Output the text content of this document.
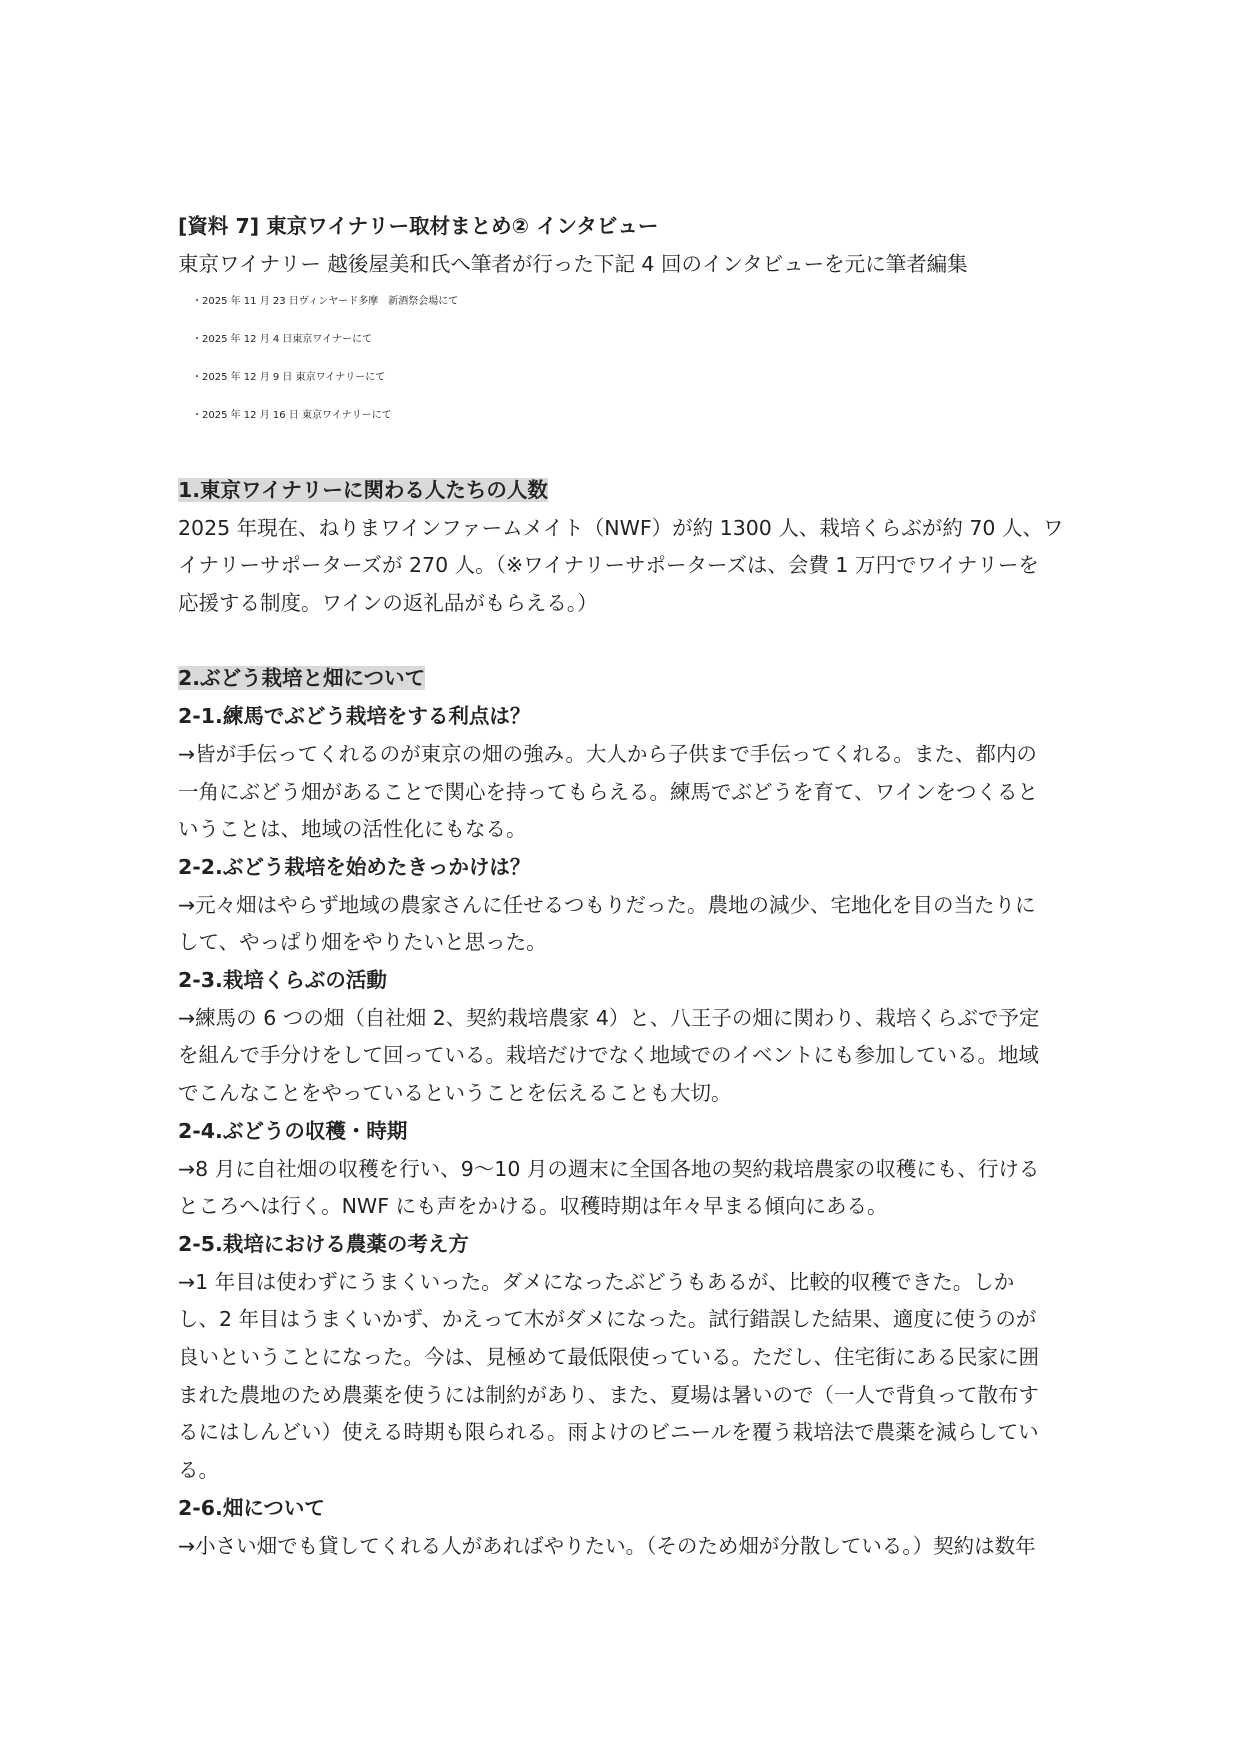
[資料 7] 東京ワイナリー取材まとめ② インタビュー
東京ワイナリー 越後屋美和氏へ筆者が行った下記 4 回のインタビューを元に筆者編集
・2025 年 11 月 23 日ヴィンヤード多摩　新酒祭会場にて
・2025 年 12 月 4 日東京ワイナーにて
・2025 年 12 月 9 日 東京ワイナリーにて
・2025 年 12 月 16 日 東京ワイナリーにて
1.東京ワイナリーに関わる人たちの人数
2025 年現在、ねりまワインファームメイト（NWF）が約 1300 人、栽培くらぶが約 70 人、ワ
イナリーサポーターズが 270 人。（※ワイナリーサポーターズは、会費 1 万円でワイナリーを
応援する制度。ワインの返礼品がもらえる。）
2.ぶどう栽培と畑について
2-1.練馬でぶどう栽培をする利点は？
→皆が手伝ってくれるのが東京の畑の強み。大人から子供まで手伝ってくれる。また、都内の
一角にぶどう畑があることで関心を持ってもらえる。練馬でぶどうを育て、ワインをつくると
いうことは、地域の活性化にもなる。
2-2.ぶどう栽培を始めたきっかけは？
→元々畑はやらず地域の農家さんに任せるつもりだった。農地の減少、宅地化を目の当たりに
して、やっぱり畑をやりたいと思った。
2-3.栽培くらぶの活動
→練馬の 6 つの畑（自社畑 2、契約栽培農家 4）と、八王子の畑に関わり、栽培くらぶで予定
を組んで手分けをして回っている。栽培だけでなく地域でのイベントにも参加している。地域
でこんなことをやっているということを伝えることも大切。
2-4.ぶどうの収穫・時期
→8 月に自社畑の収穫を行い、9〜10 月の週末に全国各地の契約栽培農家の収穫にも、行ける
ところへは行く。NWF にも声をかける。収穫時期は年々早まる傾向にある。
2-5.栽培における農薬の考え方
→1 年目は使わずにうまくいった。ダメになったぶどうもあるが、比較的収穫できた。しか
し、2 年目はうまくいかず、かえって木がダメになった。試行錯誤した結果、適度に使うのが
良いということになった。今は、見極めて最低限使っている。ただし、住宅街にある民家に囲
まれた農地のため農薬を使うには制約があり、また、夏場は暑いので（一人で背負って散布す
るにはしんどい）使える時期も限られる。雨よけのビニールを覆う栽培法で農薬を減らしてい
る。
2-6.畑について
→小さい畑でも貸してくれる人があればやりたい。（そのため畑が分散している。）契約は数年
